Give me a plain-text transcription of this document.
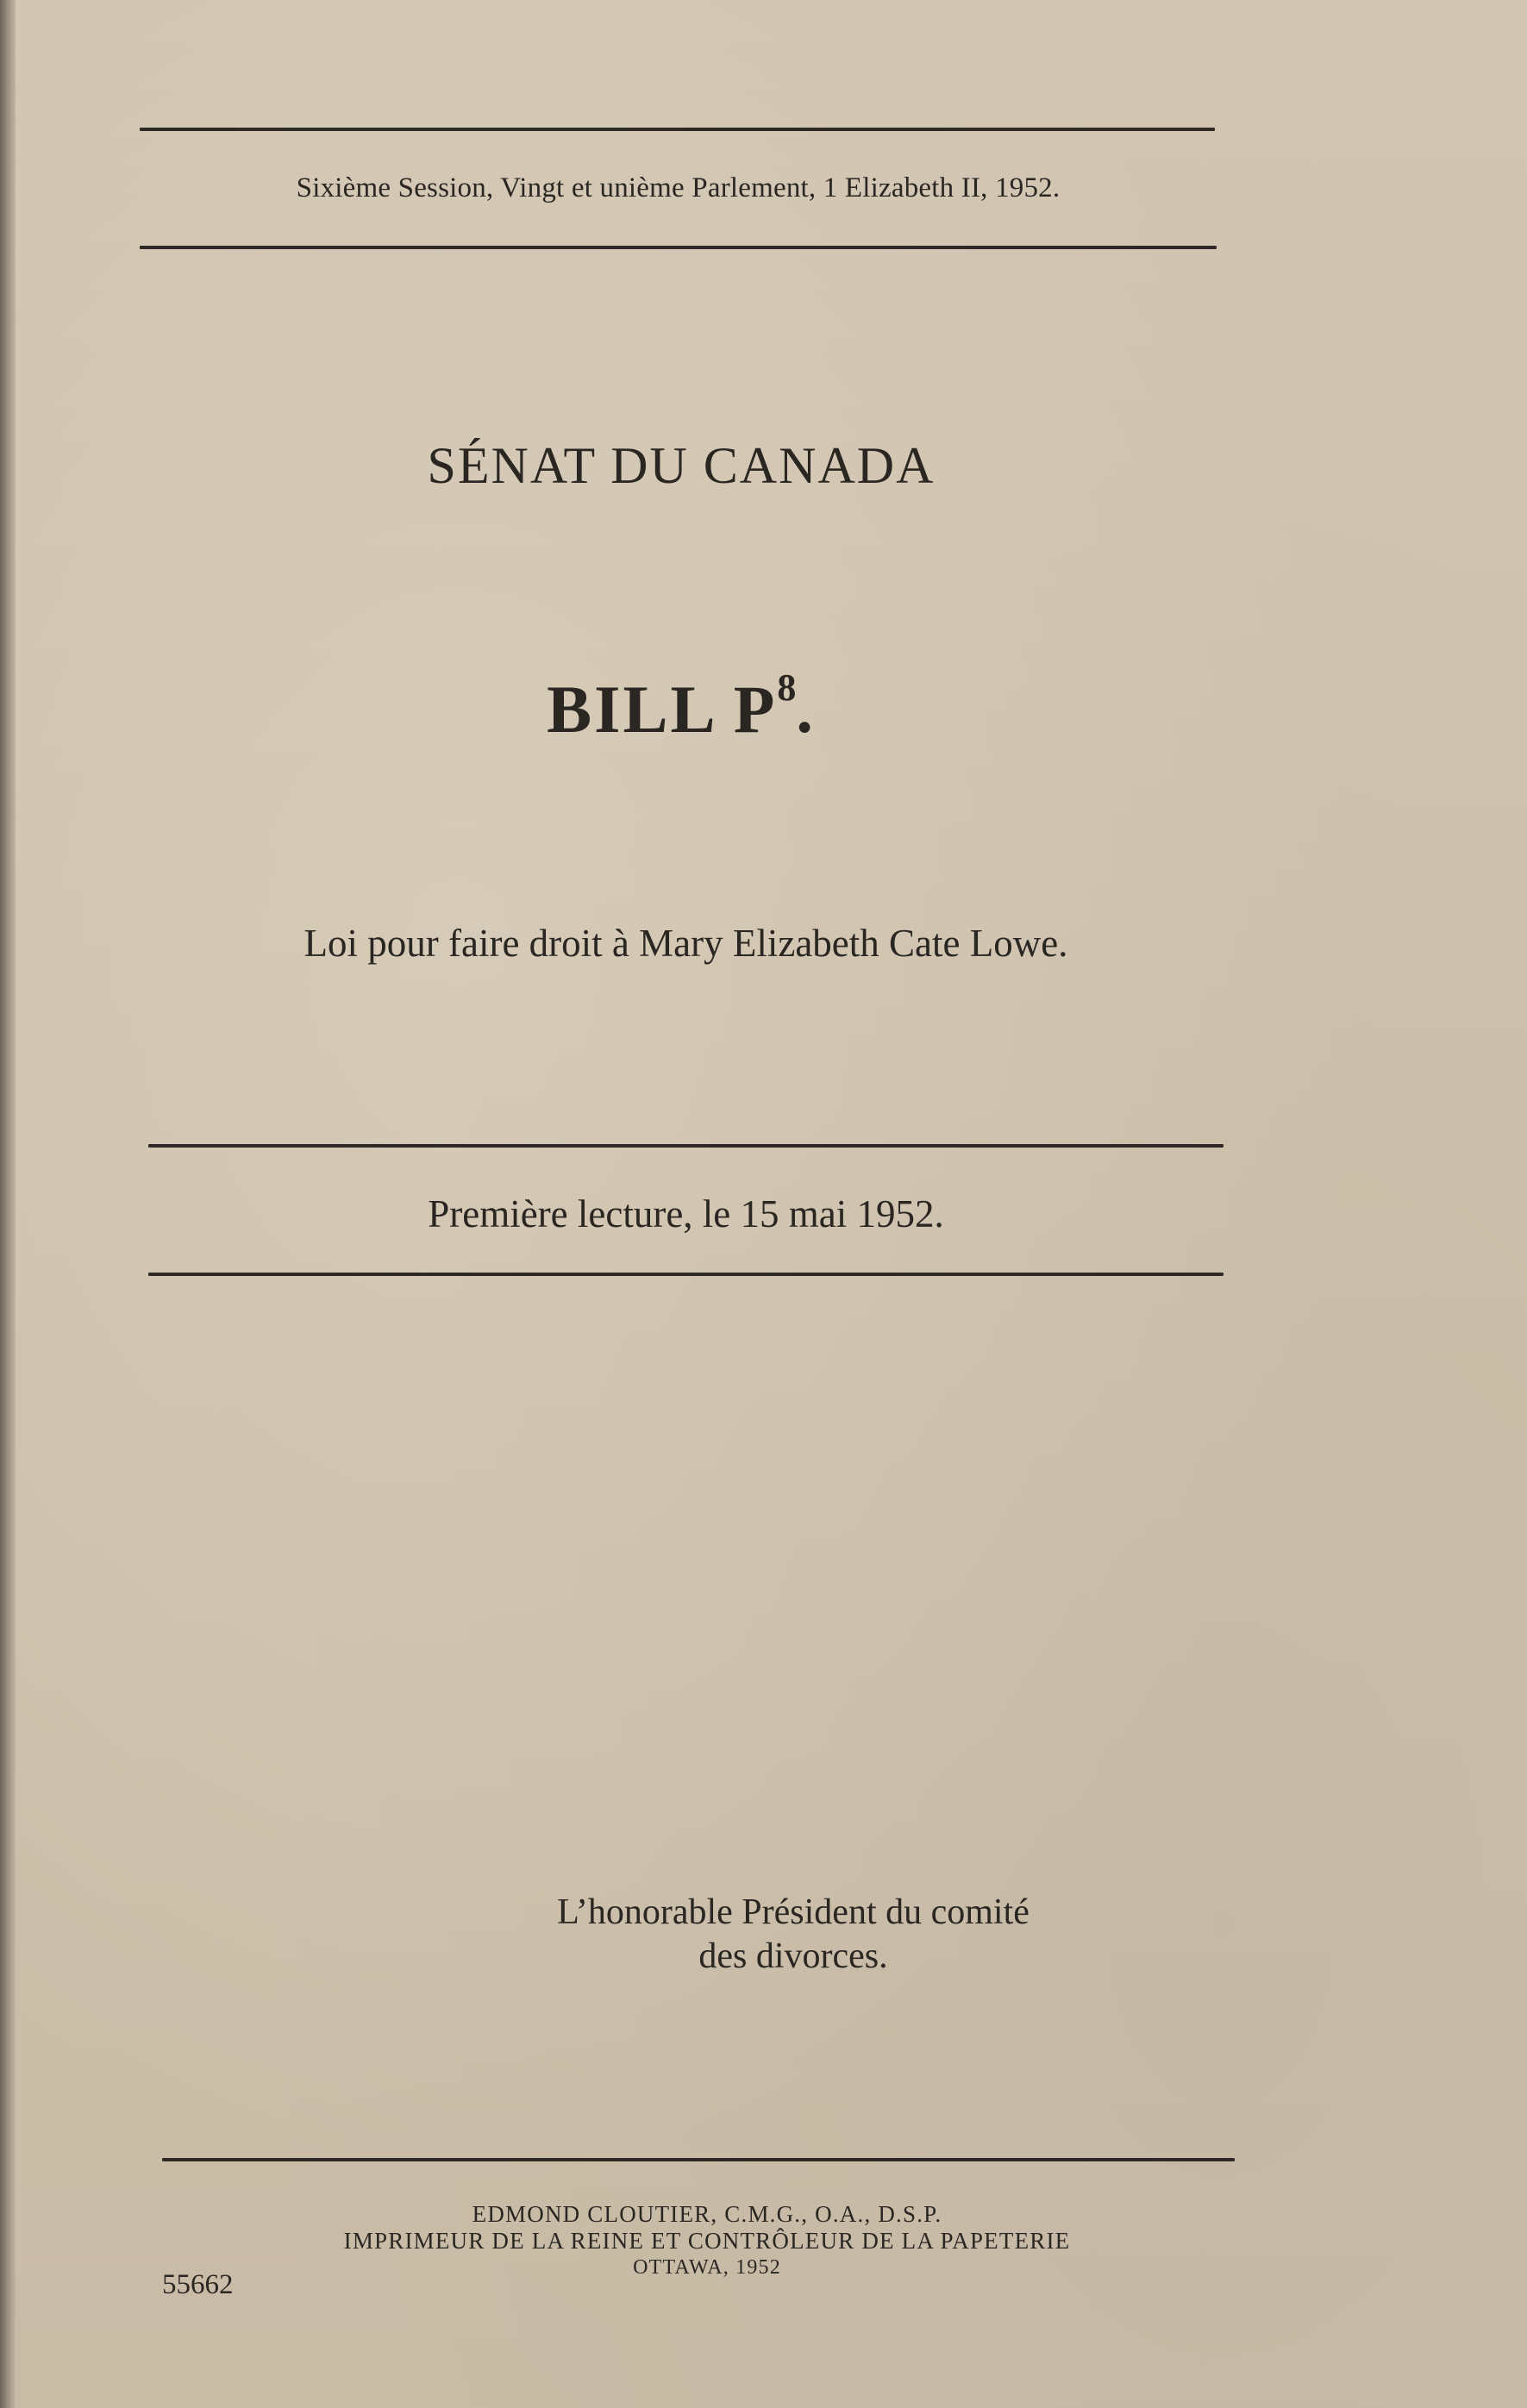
Sixième Session, Vingt et unième Parlement, 1 Elizabeth II, 1952.
SÉNAT DU CANADA
BILL $P^8$.
Loi pour faire droit à Mary Elizabeth Cate Lowe.
Première lecture, le 15 mai 1952.
L’honorable Président du comité
des divorces.
EDMOND CLOUTIER, C.M.G., O.A., D.S.P.
IMPRIMEUR DE LA REINE ET CONTRÔLEUR DE LA PAPETERIE
OTTAWA, 1952
55662
